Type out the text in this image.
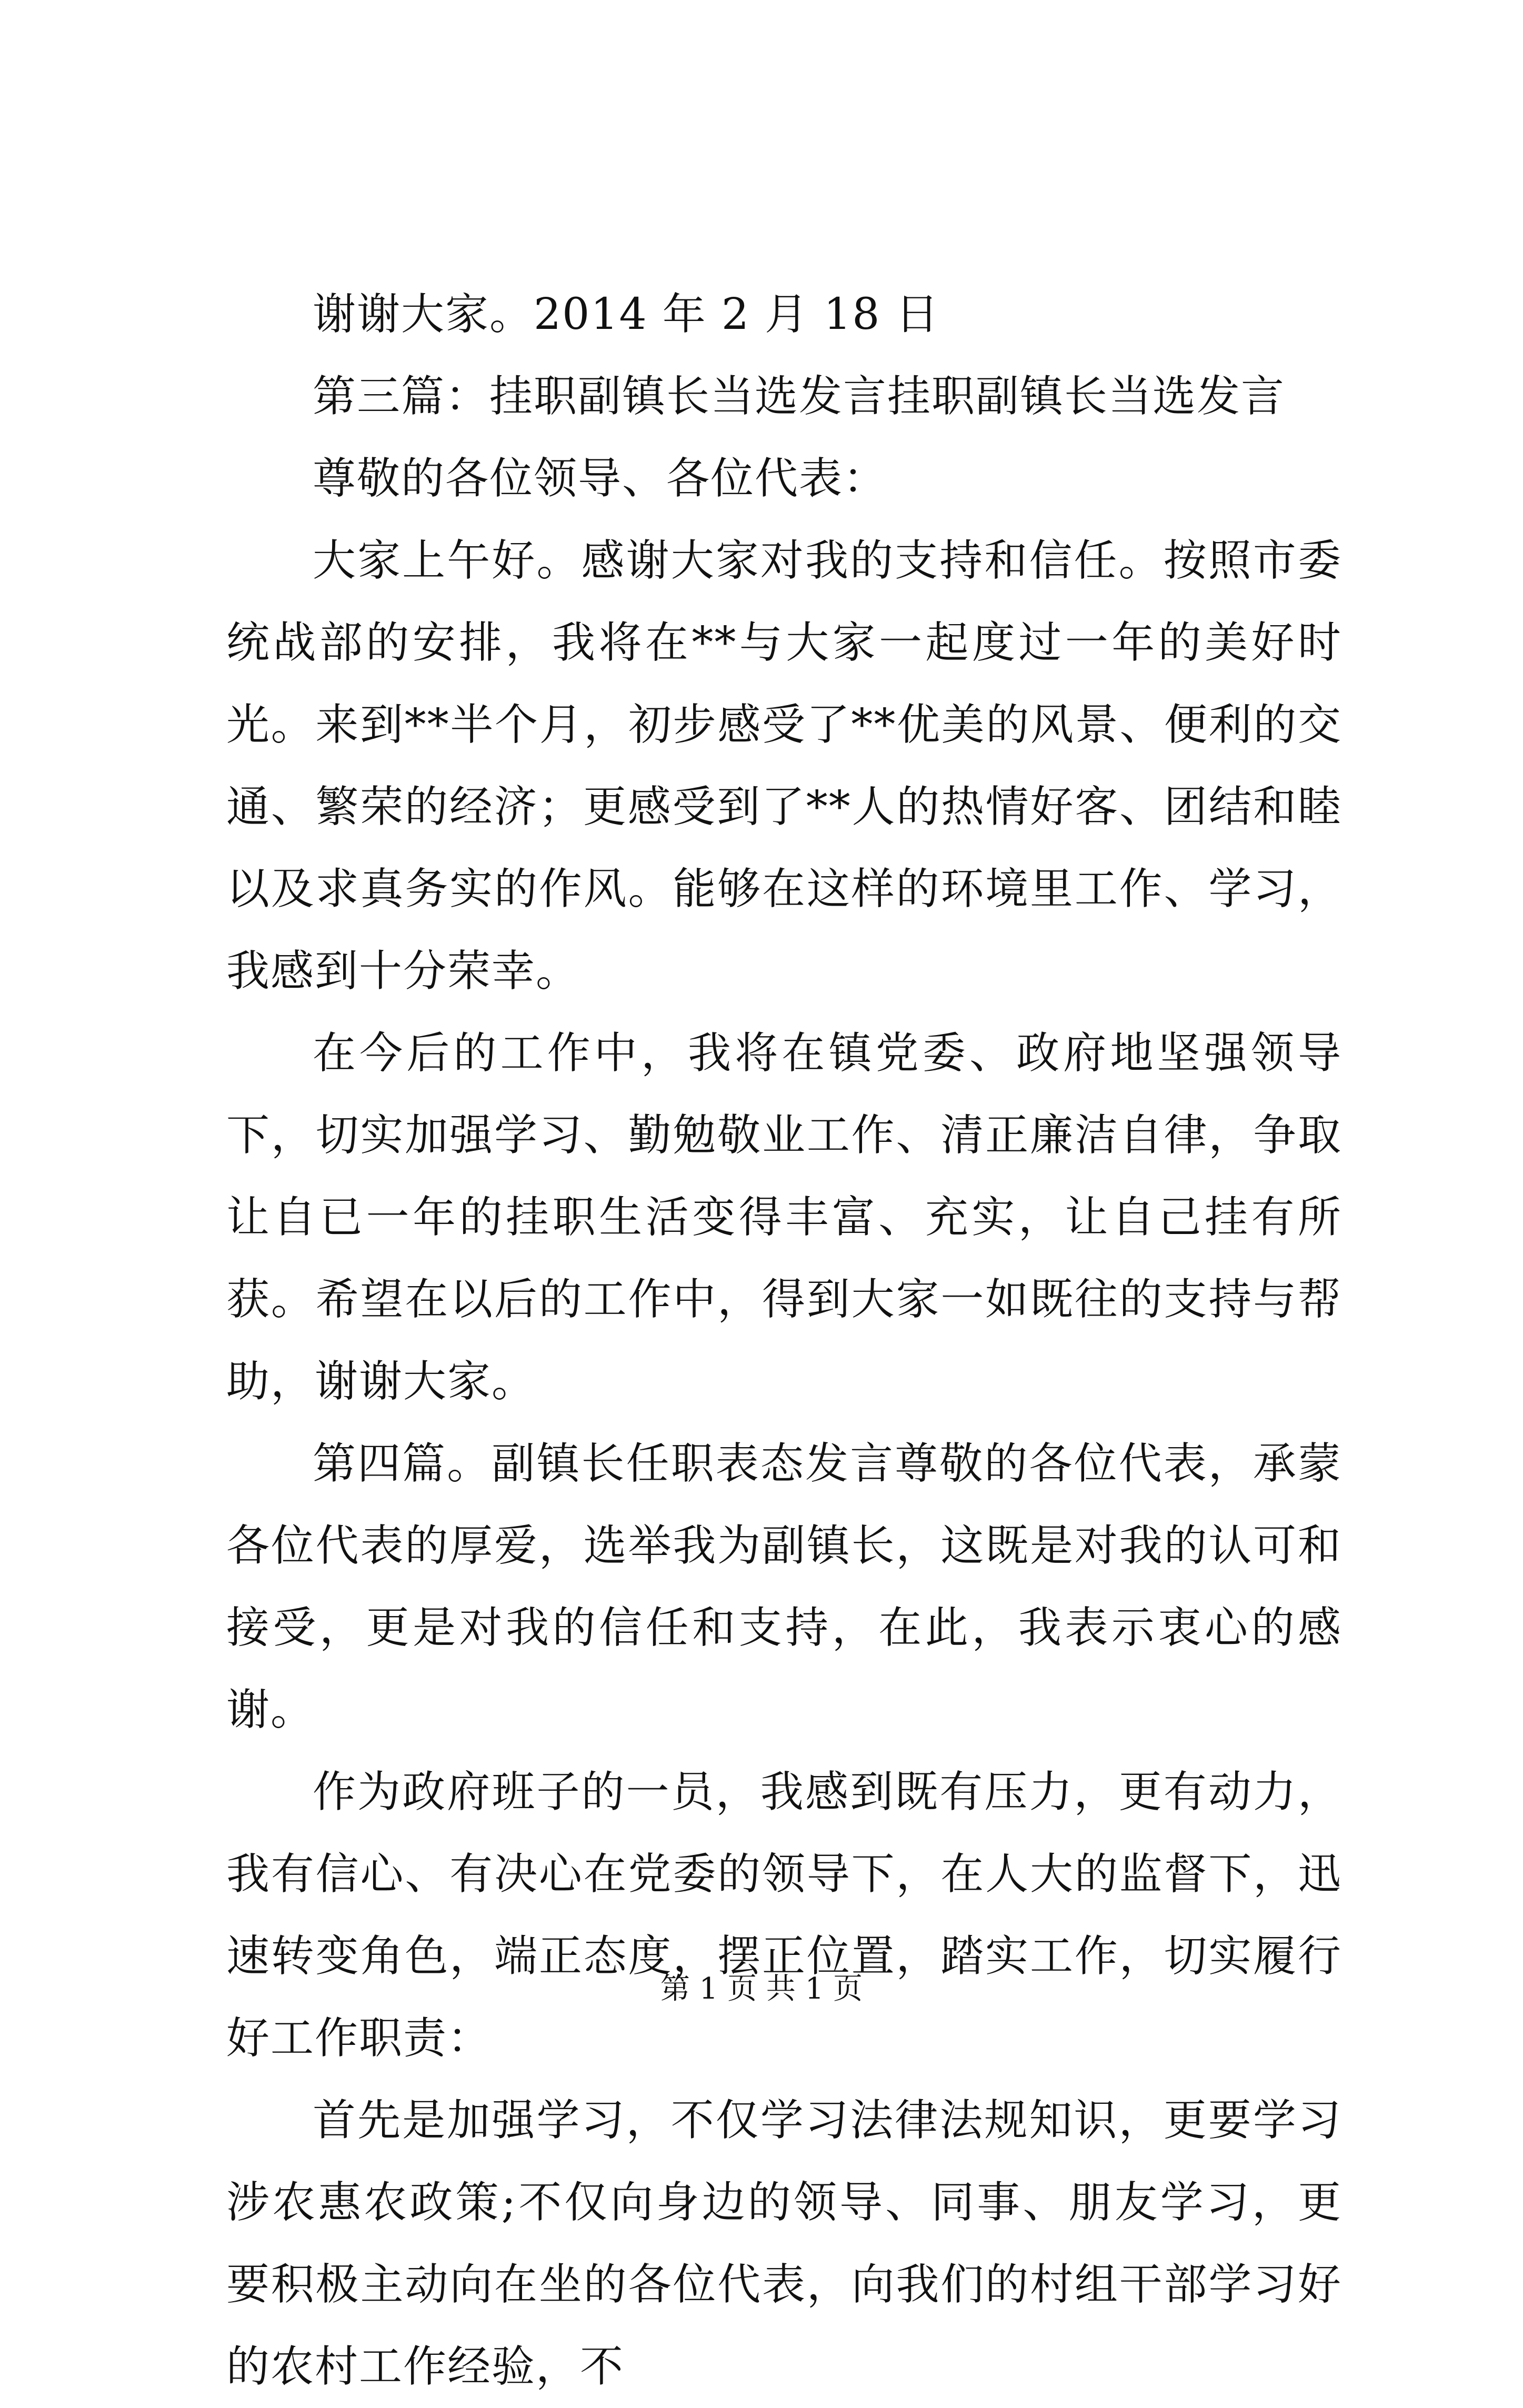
谢谢大家。2014 年 2 月 18 日

第三篇：挂职副镇长当选发言挂职副镇长当选发言

尊敬的各位领导、各位代表：

大家上午好。感谢大家对我的支持和信任。按照市委统战部的安排，我将在**与大家一起度过一年的美好时光。来到**半个月，初步感受了**优美的风景、便利的交通、繁荣的经济；更感受到了**人的热情好客、团结和睦以及求真务实的作风。能够在这样的环境里工作、学习，我感到十分荣幸。

在今后的工作中，我将在镇党委、政府地坚强领导下，切实加强学习、勤勉敬业工作、清正廉洁自律，争取让自已一年的挂职生活变得丰富、充实，让自己挂有所获。希望在以后的工作中，得到大家一如既往的支持与帮助，谢谢大家。

第四篇。副镇长任职表态发言尊敬的各位代表，承蒙各位代表的厚爱，选举我为副镇长，这既是对我的认可和接受，更是对我的信任和支持，在此，我表示衷心的感谢。

作为政府班子的一员，我感到既有压力，更有动力，我有信心、有决心在党委的领导下，在人大的监督下，迅速转变角色，端正态度，摆正位置，踏实工作，切实履行好工作职责：

首先是加强学习，不仅学习法律法规知识，更要学习涉农惠农政策;不仅向身边的领导、同事、朋友学习，更要积极主动向在坐的各位代表，向我们的村组干部学习好的农村工作经验，不

第 1 页 共 1 页
